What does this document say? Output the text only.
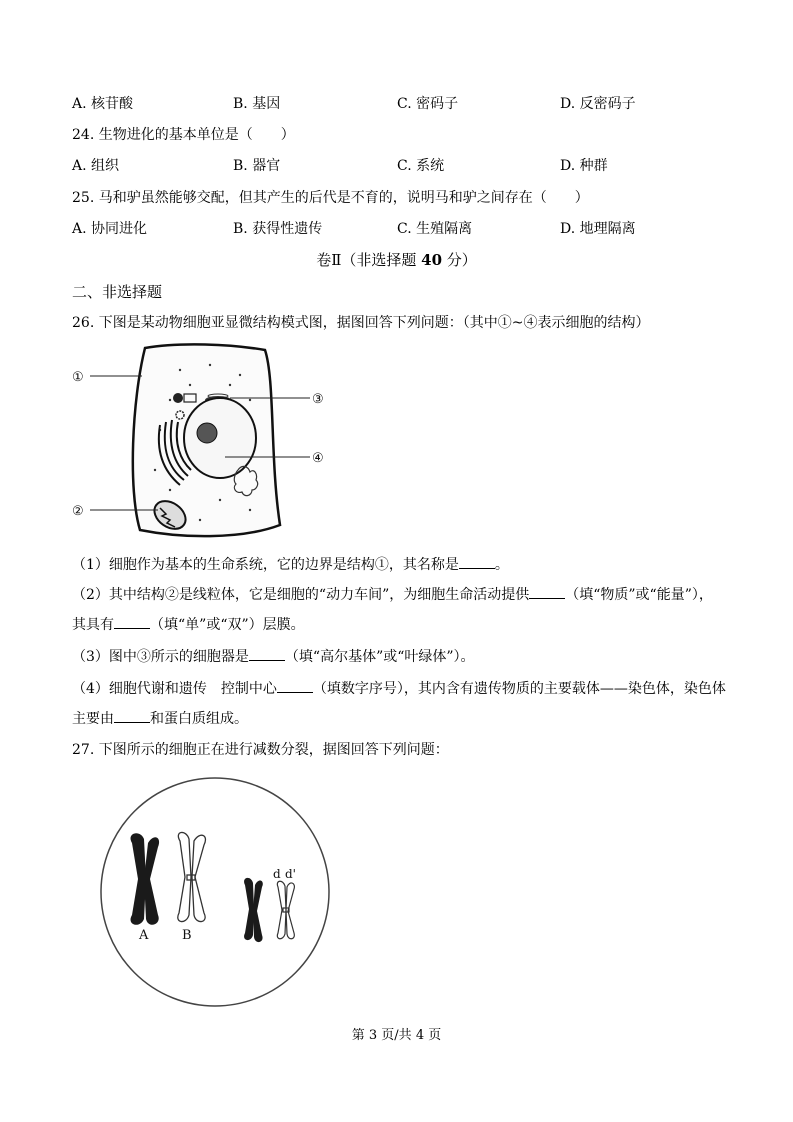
A. 核苷酸	B. 基因	C. 密码子	D. 反密码子
24. 生物进化的基本单位是（　　）
A. 组织	B. 器官	C. 系统	D. 种群
25. 马和驴虽然能够交配，但其产生的后代是不育的，说明马和驴之间存在（　　）
A. 协同进化	B. 获得性遗传	C. 生殖隔离	D. 地理隔离
卷Ⅱ（非选择题 40 分）
二、非选择题
26. 下图是某动物细胞亚显微结构模式图，据图回答下列问题：（其中①~④表示细胞的结构）
①
②
③
④
（1）细胞作为基本的生命系统，它的边界是结构①，其名称是	。
（2）其中结构②是线粒体，它是细胞的“动力车间”，为细胞生命活动提供	（填“物质”或“能量”），
其具有	（填“单”或“双”）层膜。
（3）图中③所示的细胞器是	（填“高尔基体”或“叶绿体”）。
（4）细胞代谢和遗传　控制中心	（填数字序号），其内含有遗传物质的主要载体——染色体，染色体
主要由	和蛋白质组成。
27. 下图所示的细胞正在进行减数分裂，据图回答下列问题：
A	B
d d'
第 3 页/共 4 页
